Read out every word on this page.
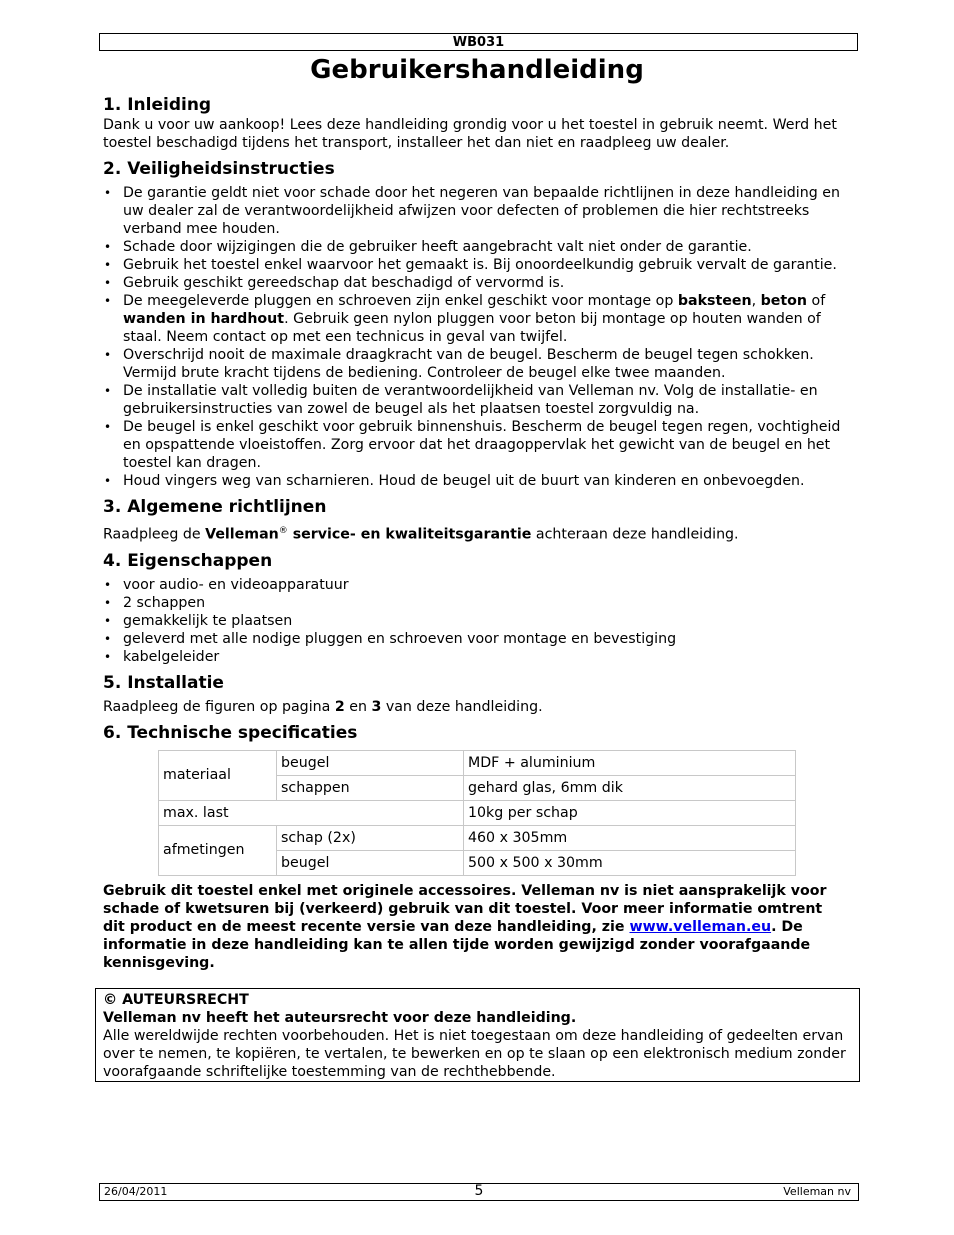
WB031
Gebruikershandleiding
1. Inleiding

Dank u voor uw aankoop! Lees deze handleiding grondig voor u het toestel in gebruik neemt. Werd het toestel beschadigd tijdens het transport, installeer het dan niet en raadpleeg uw dealer.

2. Veiligheidsinstructies
• De garantie geldt niet voor schade door het negeren van bepaalde richtlijnen in deze handleiding en uw dealer zal de verantwoordelijkheid afwijzen voor defecten of problemen die hier rechtstreeks verband mee houden.
• Schade door wijzigingen die de gebruiker heeft aangebracht valt niet onder de garantie.
• Gebruik het toestel enkel waarvoor het gemaakt is. Bij onoordeelkundig gebruik vervalt de garantie.
• Gebruik geschikt gereedschap dat beschadigd of vervormd is.
• De meegeleverde pluggen en schroeven zijn enkel geschikt voor montage op baksteen, beton of wanden in hardhout. Gebruik geen nylon pluggen voor beton bij montage op houten wanden of staal. Neem contact op met een technicus in geval van twijfel.
• Overschrijd nooit de maximale draagkracht van de beugel. Bescherm de beugel tegen schokken. Vermijd brute kracht tijdens de bediening. Controleer de beugel elke twee maanden.
• De installatie valt volledig buiten de verantwoordelijkheid van Velleman nv. Volg de installatie- en gebruikersinstructies van zowel de beugel als het plaatsen toestel zorgvuldig na.
• De beugel is enkel geschikt voor gebruik binnenshuis. Bescherm de beugel tegen regen, vochtigheid en opspattende vloeistoffen. Zorg ervoor dat het draagoppervlak het gewicht van de beugel en het toestel kan dragen.
• Houd vingers weg van scharnieren. Houd de beugel uit de buurt van kinderen en onbevoegden.
3. Algemene richtlijnen

Raadpleeg de Velleman® service- en kwaliteitsgarantie achteraan deze handleiding.

4. Eigenschappen
• voor audio- en videoapparatuur
• 2 schappen
• gemakkelijk te plaatsen
• geleverd met alle nodige pluggen en schroeven voor montage en bevestiging
• kabelgeleider
5. Installatie

Raadpleeg de figuren op pagina 2 en 3 van deze handleiding.

6. Technische specificaties
materiaal	beugel	MDF + aluminium
	schappen	gehard glas, 6mm dik
max. last		10kg per schap
afmetingen	schap (2x)	460 x 305mm
	beugel	500 x 500 x 30mm

Gebruik dit toestel enkel met originele accessoires. Velleman nv is niet aansprakelijk voor schade of kwetsuren bij (verkeerd) gebruik van dit toestel. Voor meer informatie omtrent dit product en de meest recente versie van deze handleiding, zie www.velleman.eu. De informatie in deze handleiding kan te allen tijde worden gewijzigd zonder voorafgaande kennisgeving.

© AUTEURSRECHT
Velleman nv heeft het auteursrecht voor deze handleiding.
Alle wereldwijde rechten voorbehouden. Het is niet toegestaan om deze handleiding of gedeelten ervan over te nemen, te kopiëren, te vertalen, te bewerken en op te slaan op een elektronisch medium zonder voorafgaande schriftelijke toestemming van de rechthebbende.
26/04/2011	5	Velleman nv
